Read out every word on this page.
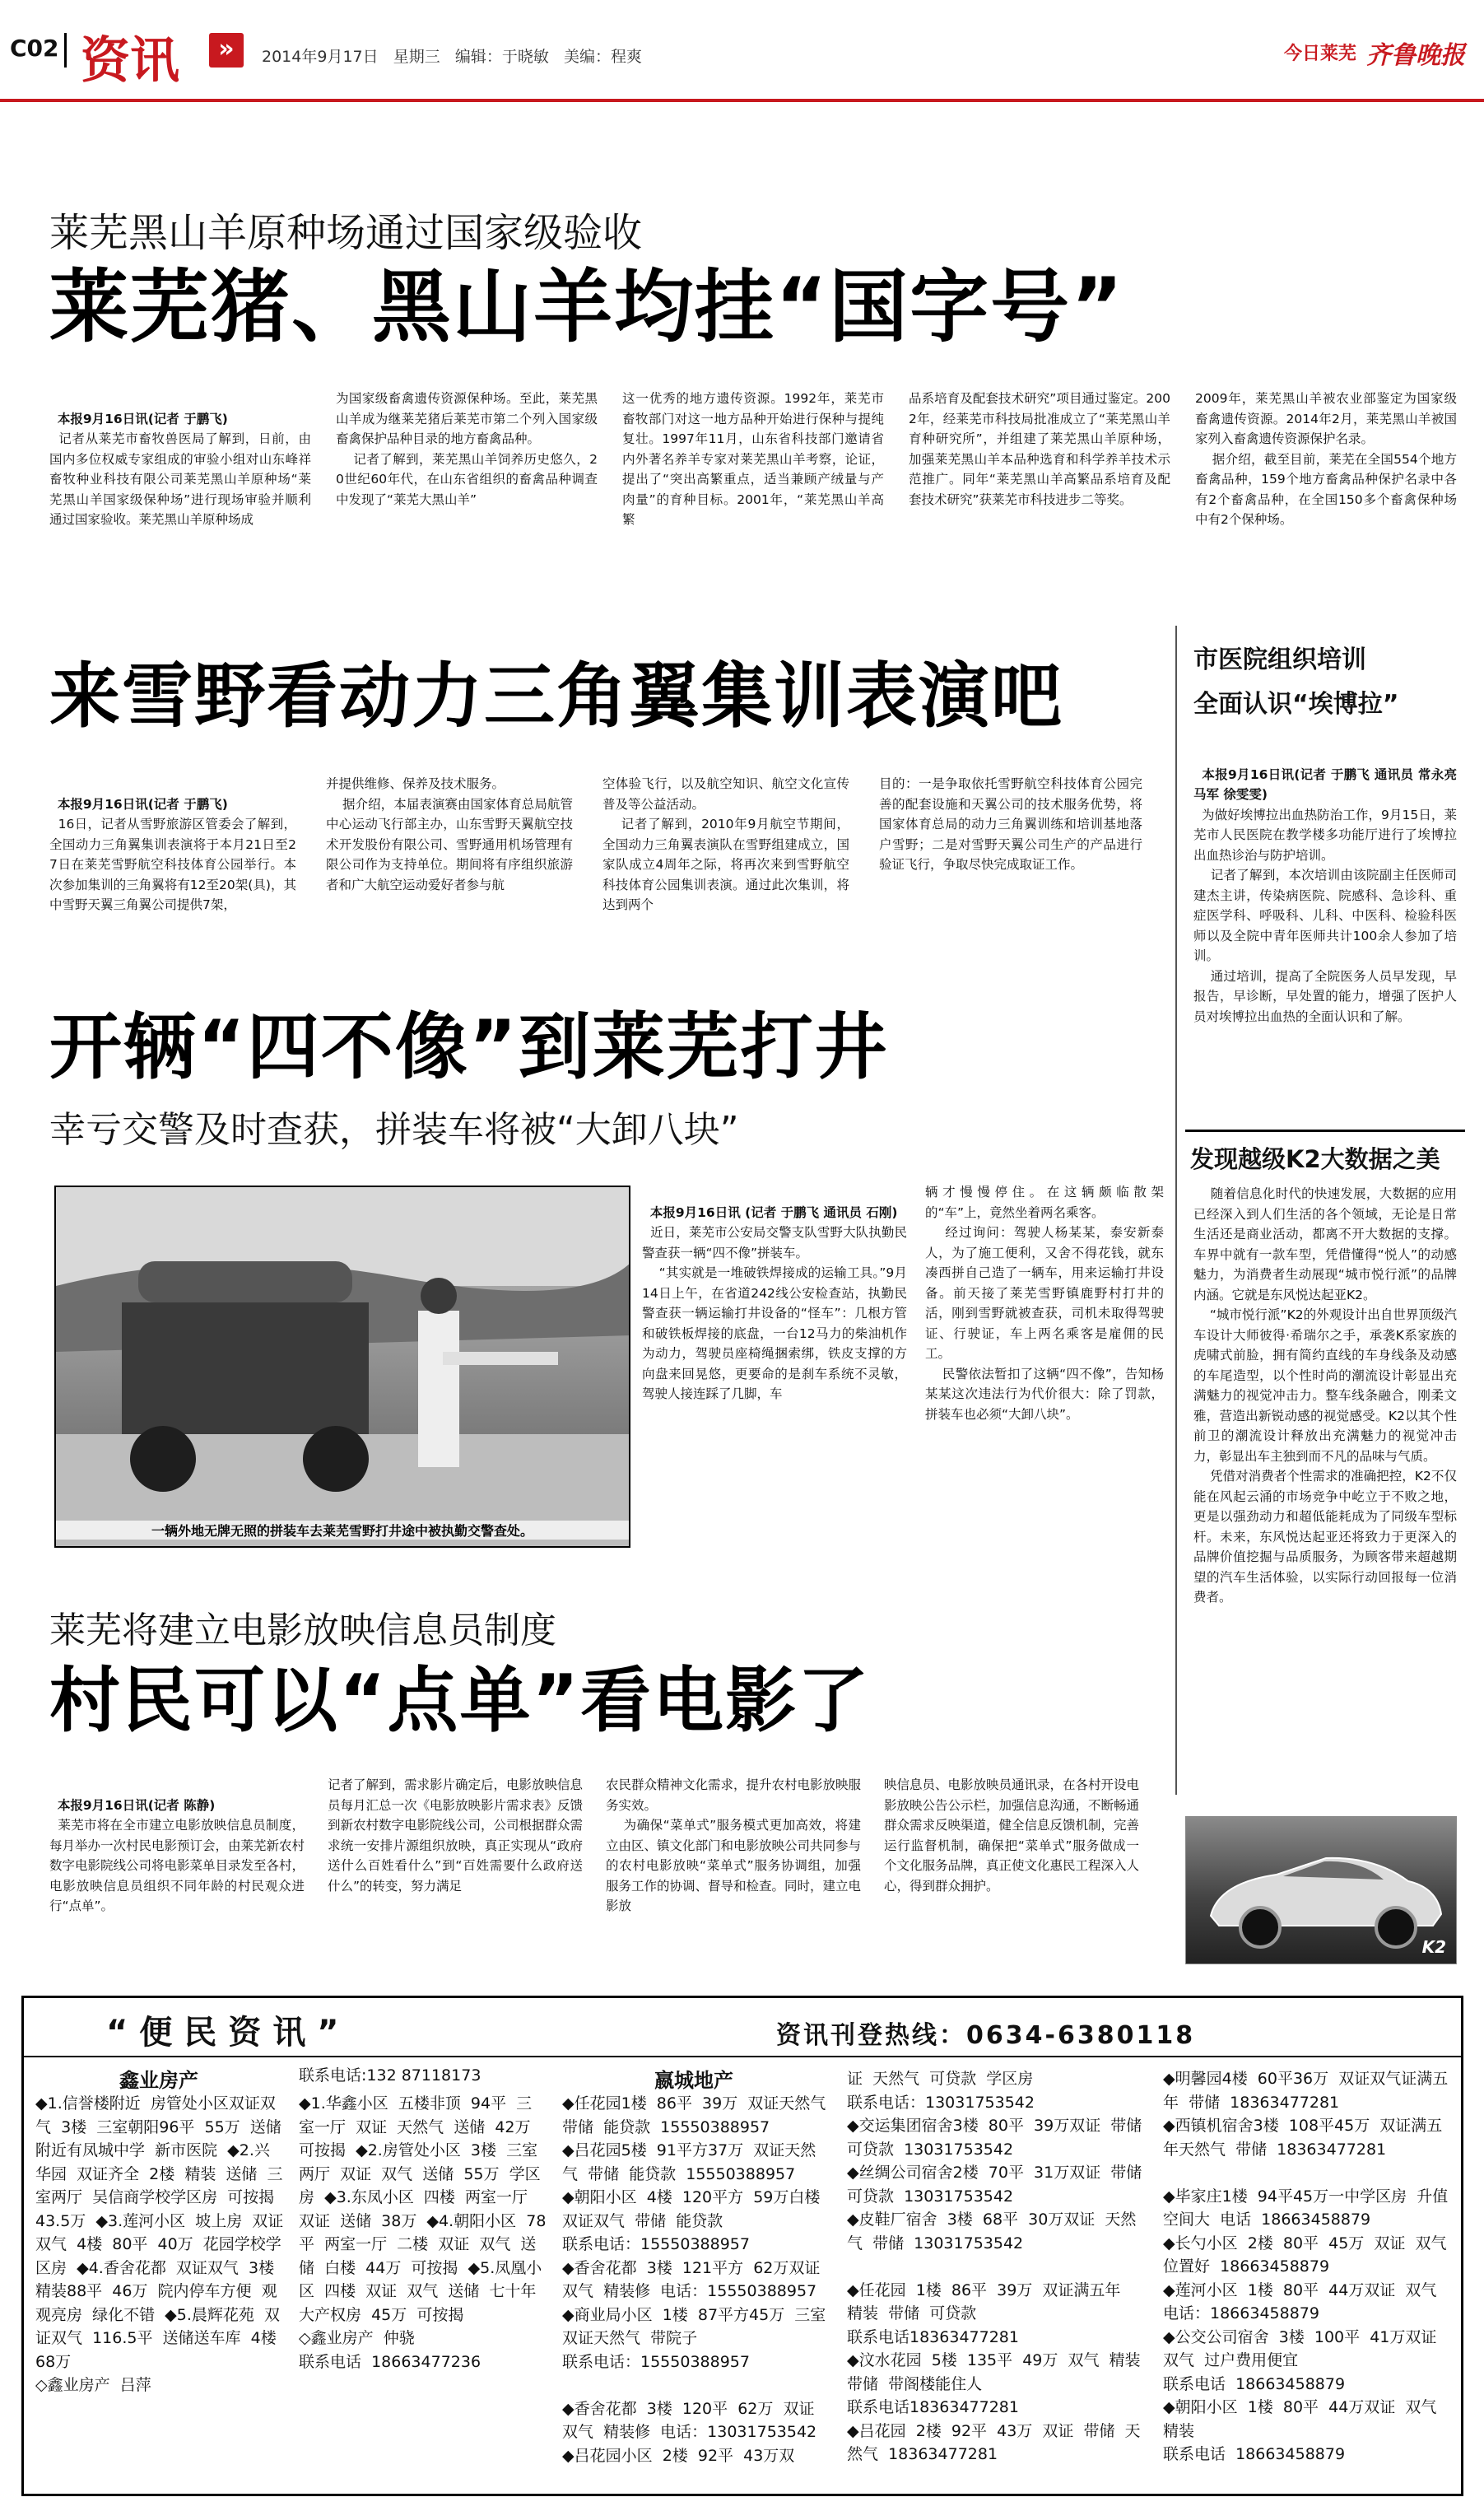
C02 资讯	»	2014年9月17日   星期三   编辑：于晓敏   美编：程爽	今日莱芜 齐鲁晚报
莱芜黑山羊原种场通过国家级验收
莱芜猪、黑山羊均挂“国字号”

本报9月16日讯(记者 于鹏飞)
记者从莱芜市畜牧兽医局了解到，日前，由国内多位权威专家组成的审验小组对山东峰祥畜牧种业科技有限公司莱芜黑山羊原种场“莱芜黑山羊国家级保种场”进行现场审验并顺利通过国家验收。莱芜黑山羊原种场成

为国家级畜禽遗传资源保种场。至此，莱芜黑山羊成为继莱芜猪后莱芜市第二个列入国家级畜禽保护品种目录的地方畜禽品种。
记者了解到，莱芜黑山羊饲养历史悠久，20世纪60年代，在山东省组织的畜禽品种调查中发现了“莱芜大黑山羊”
这一优秀的地方遗传资源。1992年，莱芜市畜牧部门对这一地方品种开始进行保种与提纯复壮。1997年11月，山东省科技部门邀请省内外著名养羊专家对莱芜黑山羊考察，论证，提出了“突出高繁重点，适当兼顾产绒量与产肉量”的育种目标。2001年，“莱芜黑山羊高繁
品系培育及配套技术研究”项目通过鉴定。2002年，经莱芜市科技局批准成立了“莱芜黑山羊育种研究所”，并组建了莱芜黑山羊原种场，加强莱芜黑山羊本品种选育和科学养羊技术示范推广。同年“莱芜黑山羊高繁品系培育及配套技术研究”获莱芜市科技进步二等奖。
2009年，莱芜黑山羊被农业部鉴定为国家级畜禽遗传资源。2014年2月，莱芜黑山羊被国家列入畜禽遗传资源保护名录。
据介绍，截至目前，莱芜在全国554个地方畜禽品种，159个地方畜禽品种保护名录中各有2个畜禽品种，在全国150多个畜禽保种场中有2个保种场。
来雪野看动力三角翼集训表演吧

本报9月16日讯(记者 于鹏飞)
16日，记者从雪野旅游区管委会了解到，全国动力三角翼集训表演将于本月21日至27日在莱芜雪野航空科技体育公园举行。本次参加集训的三角翼将有12至20架(具)，其中雪野天翼三角翼公司提供7架，

并提供维修、保养及技术服务。
据介绍，本届表演赛由国家体育总局航管中心运动飞行部主办，山东雪野天翼航空技术开发股份有限公司、雪野通用机场管理有限公司作为支持单位。期间将有序组织旅游者和广大航空运动爱好者参与航
空体验飞行，以及航空知识、航空文化宣传普及等公益活动。
记者了解到，2010年9月航空节期间，全国动力三角翼表演队在雪野组建成立，国家队成立4周年之际，将再次来到雪野航空科技体育公园集训表演。通过此次集训，将达到两个
目的：一是争取依托雪野航空科技体育公园完善的配套设施和天翼公司的技术服务优势，将国家体育总局的动力三角翼训练和培训基地落户雪野；二是对雪野天翼公司生产的产品进行验证飞行，争取尽快完成取证工作。
开辆“四不像”到莱芜打井
幸亏交警及时查获，拼装车将被“大卸八块”
一辆外地无牌无照的拼装车去莱芜雪野打井途中被执勤交警查处。

本报9月16日讯 (记者 于鹏飞 通讯员 石刚)
近日，莱芜市公安局交警支队雪野大队执勤民警查获一辆“四不像”拼装车。
“其实就是一堆破铁焊接成的运输工具。”9月14日上午，在省道242线公安检查站，执勤民警查获一辆运输打井设备的“怪车”：几根方管和破铁板焊接的底盘，一台12马力的柴油机作为动力，驾驶员座椅绳捆索绑，铁皮支撑的方向盘来回晃悠，更要命的是刹车系统不灵敏，驾驶人接连踩了几脚，车

辆才慢慢停住。在这辆颇临散架的“车”上，竟然坐着两名乘客。
经过询问：驾驶人杨某某，泰安新泰人，为了施工便利，又舍不得花钱，就东凑西拼自己造了一辆车，用来运输打井设备。前天接了莱芜雪野镇鹿野村打井的活，刚到雪野就被查获，司机未取得驾驶证、行驶证，车上两名乘客是雇佣的民工。
民警依法暂扣了这辆“四不像”，告知杨某某这次违法行为代价很大：除了罚款，拼装车也必须“大卸八块”。
莱芜将建立电影放映信息员制度
村民可以“点单”看电影了

本报9月16日讯(记者 陈静)
莱芜市将在全市建立电影放映信息员制度，每月举办一次村民电影预订会，由莱芜新农村数字电影院线公司将电影菜单目录发至各村，电影放映信息员组织不同年龄的村民观众进行“点单”。

记者了解到，需求影片确定后，电影放映信息员每月汇总一次《电影放映影片需求表》反馈到新农村数字电影院线公司，公司根据群众需求统一安排片源组织放映，真正实现从“政府送什么百姓看什么”到“百姓需要什么政府送什么”的转变，努力满足
农民群众精神文化需求，提升农村电影放映服务实效。
为确保“菜单式”服务模式更加高效，将建立由区、镇文化部门和电影放映公司共同参与的农村电影放映“菜单式”服务协调组，加强服务工作的协调、督导和检查。同时，建立电影放
映信息员、电影放映员通讯录，在各村开设电影放映公告公示栏，加强信息沟通，不断畅通群众需求反映渠道，健全信息反馈机制，完善运行监督机制，确保把“菜单式”服务做成一个文化服务品牌，真正使文化惠民工程深入人心，得到群众拥护。
市医院组织培训
全面认识“埃博拉”

本报9月16日讯(记者 于鹏飞 通讯员 常永亮 马军 徐雯雯)
为做好埃博拉出血热防治工作，9月15日，莱芜市人民医院在教学楼多功能厅进行了埃博拉出血热诊治与防护培训。
记者了解到，本次培训由该院副主任医师司建杰主讲，传染病医院、院感科、急诊科、重症医学科、呼吸科、儿科、中医科、检验科医师以及全院中青年医师共计100余人参加了培训。
通过培训，提高了全院医务人员早发现，早报告，早诊断，早处置的能力，增强了医护人员对埃博拉出血热的全面认识和了解。

发现越级K2大数据之美
随着信息化时代的快速发展，大数据的应用已经深入到人们生活的各个领域，无论是日常生活还是商业活动，都离不开大数据的支撑。车界中就有一款车型，凭借懂得“悦人”的动感魅力，为消费者生动展现“城市悦行派”的品牌内涵。它就是东风悦达起亚K2。
“城市悦行派”K2的外观设计出自世界顶级汽车设计大师彼得·希瑞尔之手，承袭K系家族的虎啸式前脸，拥有简约直线的车身线条及动感的车尾造型，以个性时尚的潮流设计彰显出充满魅力的视觉冲击力。整车线条融合，刚柔文雅，营造出新锐动感的视觉感受。K2以其个性前卫的潮流设计释放出充满魅力的视觉冲击力，彰显出车主独到而不凡的品味与气质。
凭借对消费者个性需求的准确把控，K2不仅能在风起云涌的市场竞争中屹立于不败之地，更是以强劲动力和超低能耗成为了同级车型标杆。未来，东风悦达起亚还将致力于更深入的品牌价值挖掘与品质服务，为顾客带来超越期望的汽车生活体验，以实际行动回报每一位消费者。
K2
“便民资讯”	资讯刊登热线：0634-6380118
鑫业房产
◆1.信誉楼附近  房管处小区双证双气  3楼  三室朝阳96平  55万  送储  附近有凤城中学  新市医院  ◆2.兴华园  双证齐全  2楼  精装  送储  三室两厅  吴信商学校学区房  可按揭  43.5万  ◆3.莲河小区  坡上房  双证双气  4楼  80平  40万  花园学校学区房  ◆4.香舍花都  双证双气  3楼  精装88平  46万  院内停车方便  观观亮房  绿化不错  ◆5.晨辉花苑  双证双气  116.5平  送储送车库  4楼  68万
◇鑫业房产  吕萍
联系电话:132 87118173
◆1.华鑫小区  五楼非顶  94平  三室一厅  双证  天然气  送储  42万  可按揭  ◆2.房管处小区  3楼  三室两厅  双证  双气  送储  55万  学区房  ◆3.东凤小区  四楼  两室一厅  双证  送储  38万  ◆4.朝阳小区  78平  两室一厅  二楼  双证  双气  送储  白楼  44万  可按揭  ◆5.凤凰小区  四楼  双证  双气  送储  七十年大产权房  45万  可按揭
◇鑫业房产  仲骁
联系电话  18663477236
嬴城地产
◆任花园1楼  86平  39万  双证天然气  带储  能贷款  15550388957
◆吕花园5楼  91平方37万  双证天然气  带储  能贷款  15550388957
◆朝阳小区  4楼  120平方  59万白楼  双证双气  带储  能贷款
联系电话：15550388957
◆香舍花都  3楼  121平方  62万双证双气  精装修  电话：15550388957
◆商业局小区  1楼  87平方45万  三室  双证天然气  带院子
联系电话：15550388957

◆香舍花都  3楼  120平  62万  双证双气  精装修  电话：13031753542
◆吕花园小区  2楼  92平  43万双
证  天然气  可贷款  学区房
联系电话：13031753542
◆交运集团宿舍3楼  80平  39万双证  带储  可贷款  13031753542
◆丝绸公司宿舍2楼  70平  31万双证  带储  可贷款  13031753542
◆皮鞋厂宿舍  3楼  68平  30万双证  天然气  带储  13031753542

◆任花园  1楼  86平  39万  双证满五年  精装  带储  可贷款
联系电话18363477281
◆汶水花园  5楼  135平  49万  双气  精装  带储  带阁楼能住人
联系电话18363477281
◆吕花园  2楼  92平  43万  双证  带储  天然气  18363477281
◆明馨园4楼  60平36万  双证双气证满五年  带储  18363477281
◆西镇机宿舍3楼  108平45万  双证满五年天然气  带储  18363477281

◆毕家庄1楼  94平45万一中学区房  升值空间大  电话  18663458879
◆长勺小区  2楼  80平  45万  双证  双气  位置好  18663458879
◆莲河小区  1楼  80平  44万双证  双气  电话：18663458879
◆公交公司宿舍  3楼  100平  41万双证  双气  过户费用便宜
联系电话  18663458879
◆朝阳小区  1楼  80平  44万双证  双气  精装
联系电话  18663458879
